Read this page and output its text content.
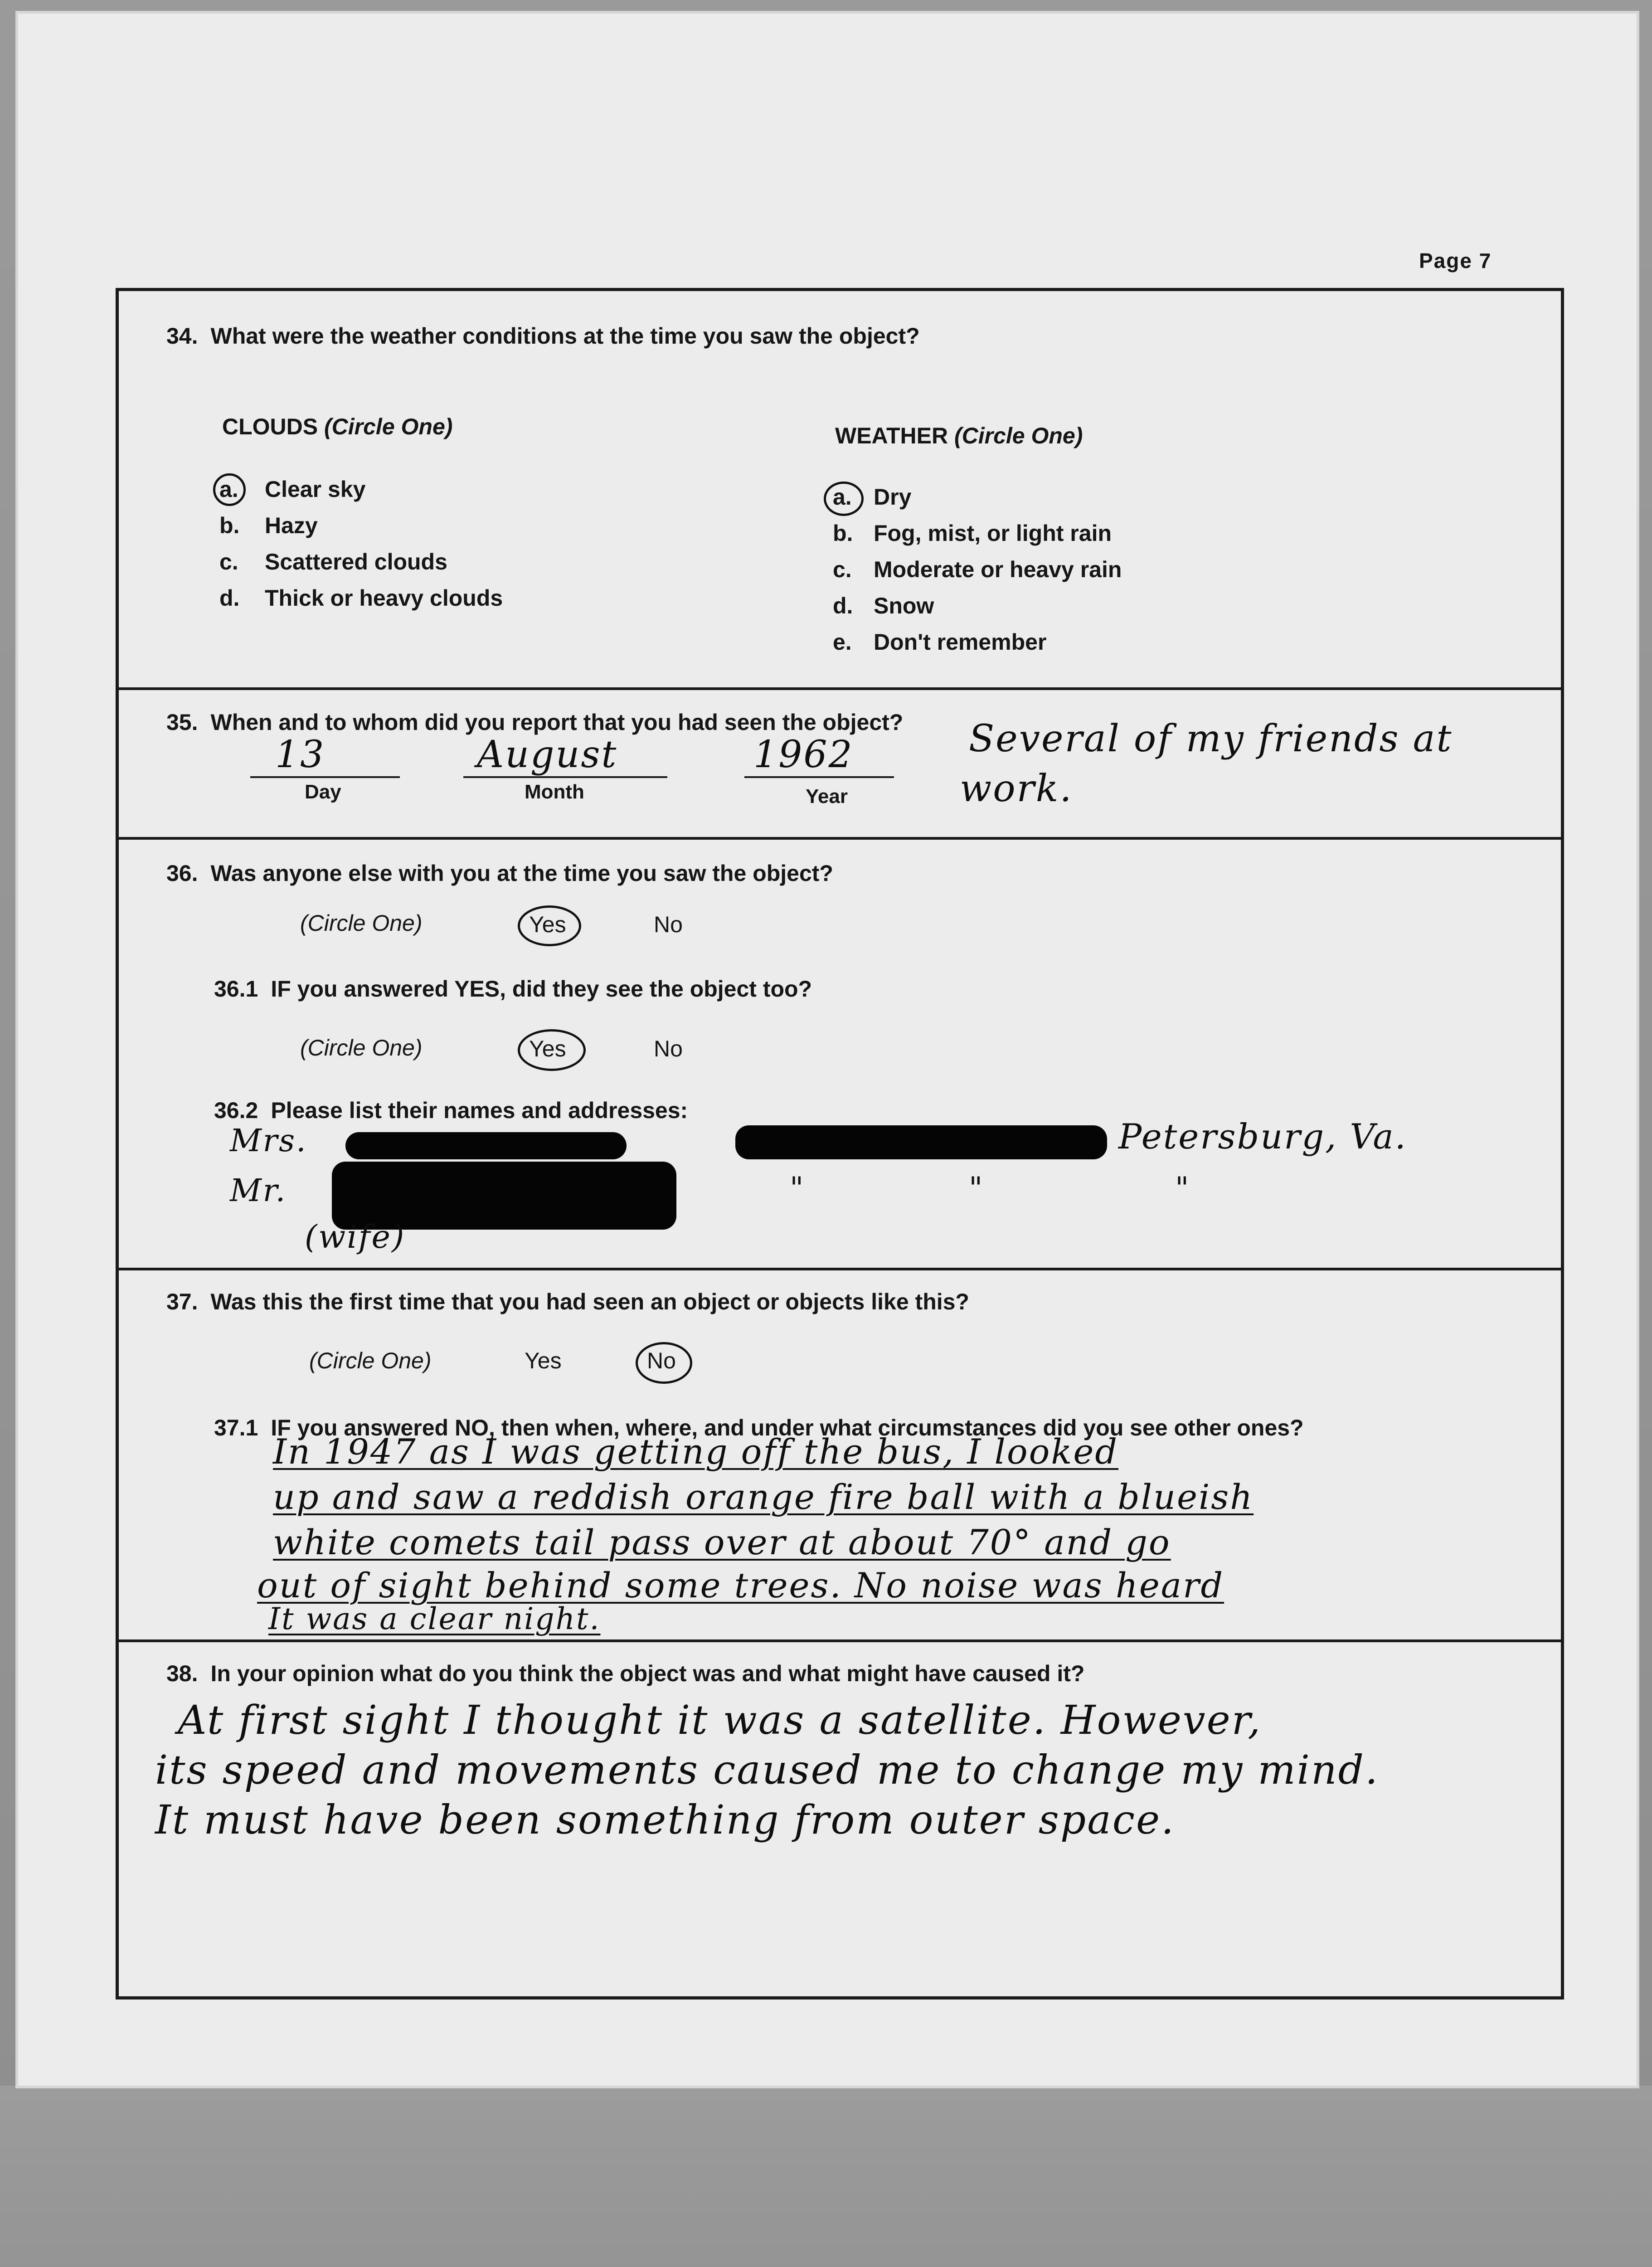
Page 7
34. What were the weather conditions at the time you saw the object?
CLOUDS (Circle One)
a. Clear sky
b. Hazy
c. Scattered clouds
d. Thick or heavy clouds
WEATHER (Circle One)
a. Dry
b. Fog, mist, or light rain
c. Moderate or heavy rain
d. Snow
e. Don't remember
35. When and to whom did you report that you had seen the object?
13
Day
August
Month
1962
Year
Several of my friends at
work.
36. Was anyone else with you at the time you saw the object?
(Circle One)	Yes	No
36.1 IF you answered YES, did they see the object too?
(Circle One)	Yes	No
36.2 Please list their names and addresses:
Mrs.	Petersburg, Va.
Mr.	"	"	"
(wife)
37. Was this the first time that you had seen an object or objects like this?
(Circle One)	Yes	No
37.1 IF you answered NO, then when, where, and under what circumstances did you see other ones?
In 1947 as I was getting off the bus, I looked
up and saw a reddish orange fire ball with a blueish
white comets tail pass over at about 70° and go
out of sight behind some trees. No noise was heard
It was a clear night.
38. In your opinion what do you think the object was and what might have caused it?
At first sight I thought it was a satellite. However,
its speed and movements caused me to change my mind.
It must have been something from outer space.
